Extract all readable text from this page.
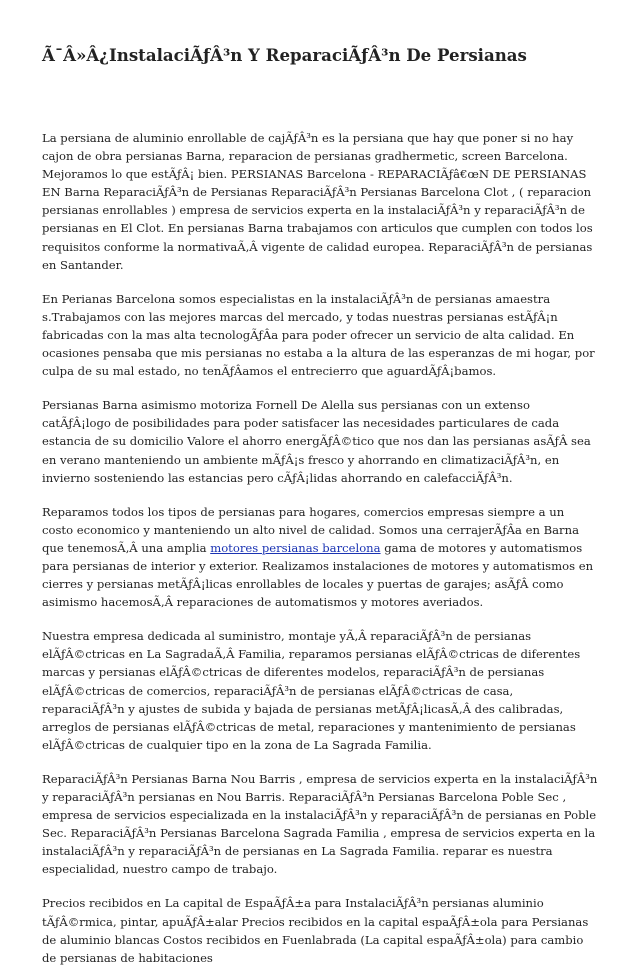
Ã¯Â»Â¿InstalaciÃƒÂ³n Y ReparaciÃƒÂ³n De Persianas

La persiana de aluminio enrollable de cajÃƒÂ³n es la persiana que hay que poner si no hay cajon de obra persianas Barna, reparacion de persianas gradhermetic, screen Barcelona. Mejoramos lo que estÃƒÂ¡ bien. PERSIANAS Barcelona - REPARACIÃƒâ€œN DE PERSIANAS EN Barna ReparaciÃƒÂ³n de Persianas ReparaciÃƒÂ³n Persianas Barcelona Clot , ( reparacion persianas enrollables ) empresa de servicios experta en la instalaciÃƒÂ³n y reparaciÃƒÂ³n de persianas en El Clot. En persianas Barna trabajamos con articulos que cumplen con todos los requisitos conforme la normativaÃ‚Â vigente de calidad europea. ReparaciÃƒÂ³n de persianas en Santander.

En Perianas Barcelona somos especialistas en la instalaciÃƒÂ³n de persianas amaestra s.Trabajamos con las mejores marcas del mercado, y todas nuestras persianas estÃƒÂ¡n fabricadas con la mas alta tecnologÃƒÂa para poder ofrecer un servicio de alta calidad. En ocasiones pensaba que mis persianas no estaba a la altura de las esperanzas de mi hogar, por culpa de su mal estado, no tenÃƒÂamos el entrecierro que aguardÃƒÂ¡bamos.

Persianas Barna asimismo motoriza Fornell De Alella sus persianas con un extenso catÃƒÂ¡logo de posibilidades para poder satisfacer las necesidades particulares de cada estancia de su domicilio Valore el ahorro energÃƒÂ©tico que nos dan las persianas asÃƒÂ sea en verano manteniendo un ambiente mÃƒÂ¡s fresco y ahorrando en climatizaciÃƒÂ³n, en invierno sosteniendo las estancias pero cÃƒÂ¡lidas ahorrando en calefacciÃƒÂ³n.

Reparamos todos los tipos de persianas para hogares, comercios empresas siempre a un costo economico y manteniendo un alto nivel de calidad. Somos una cerrajerÃƒÂa en Barna que tenemosÃ‚Â una amplia motores persianas barcelona gama de motores y automatismos para persianas de interior y exterior. Realizamos instalaciones de motores y automatismos en cierres y persianas metÃƒÂ¡licas enrollables de locales y puertas de garajes; asÃƒÂ como asimismo hacemosÃ‚Â reparaciones de automatismos y motores averiados.

Nuestra empresa dedicada al suministro, montaje yÃ‚Â reparaciÃƒÂ³n de persianas elÃƒÂ©ctricas en La SagradaÃ‚Â Familia, reparamos persianas elÃƒÂ©ctricas de diferentes marcas y persianas elÃƒÂ©ctricas de diferentes modelos, reparaciÃƒÂ³n de persianas elÃƒÂ©ctricas de comercios, reparaciÃƒÂ³n de persianas elÃƒÂ©ctricas de casa, reparaciÃƒÂ³n y ajustes de subida y bajada de persianas metÃƒÂ¡licasÃ‚Â des calibradas, arreglos de persianas elÃƒÂ©ctricas de metal, reparaciones y mantenimiento de persianas elÃƒÂ©ctricas de cualquier tipo en la zona de La Sagrada Familia.

ReparaciÃƒÂ³n Persianas Barna Nou Barris , empresa de servicios experta en la instalaciÃƒÂ³n y reparaciÃƒÂ³n persianas en Nou Barris. ReparaciÃƒÂ³n Persianas Barcelona Poble Sec , empresa de servicios especializada en la instalaciÃƒÂ³n y reparaciÃƒÂ³n de persianas en Poble Sec. ReparaciÃƒÂ³n Persianas Barcelona Sagrada Familia , empresa de servicios experta en la instalaciÃƒÂ³n y reparaciÃƒÂ³n de persianas en La Sagrada Familia. reparar es nuestra especialidad, nuestro campo de trabajo.

Precios recibidos en La capital de EspaÃƒÂ±a para InstalaciÃƒÂ³n persianas aluminio tÃƒÂ©rmica, pintar, apuÃƒÂ±alar Precios recibidos en la capital espaÃƒÂ±ola para Persianas de aluminio blancas Costos recibidos en Fuenlabrada (La capital espaÃƒÂ±ola) para cambio de persianas de habitaciones
